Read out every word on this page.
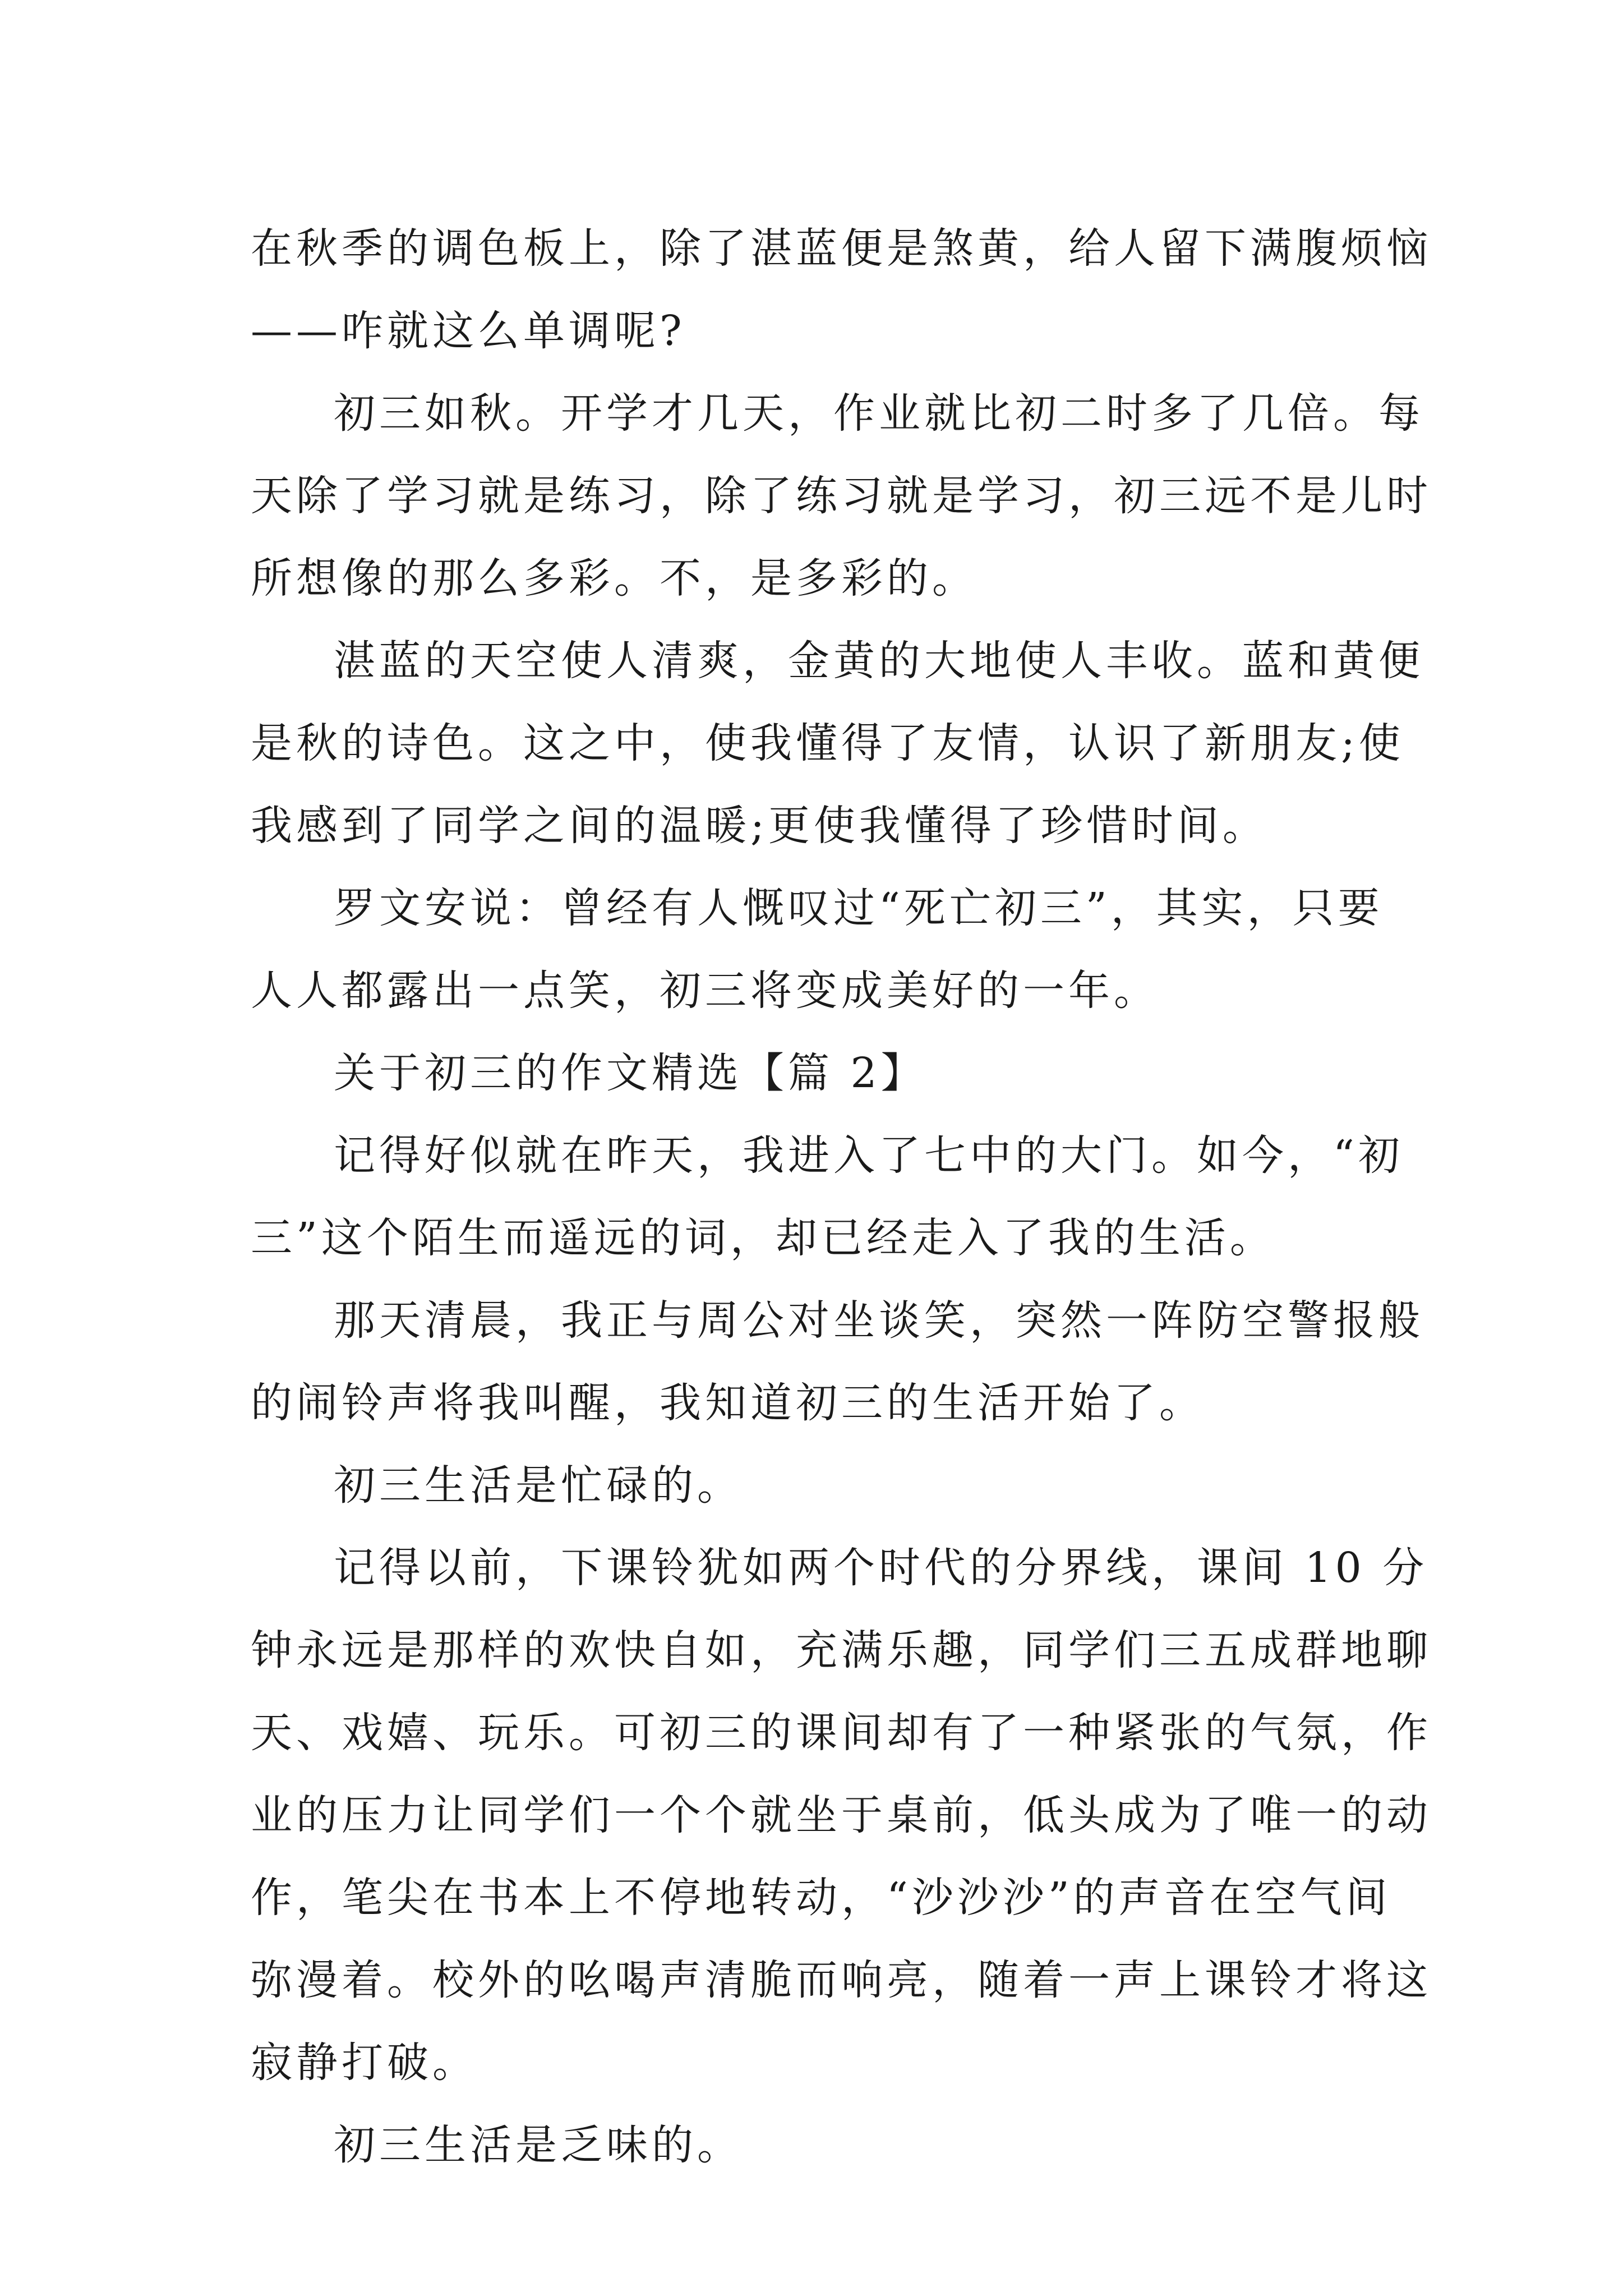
在秋季的调色板上，除了湛蓝便是煞黄，给人留下满腹烦恼
——咋就这么单调呢?
初三如秋。开学才几天，作业就比初二时多了几倍。每
天除了学习就是练习，除了练习就是学习，初三远不是儿时
所想像的那么多彩。不，是多彩的。
湛蓝的天空使人清爽，金黄的大地使人丰收。蓝和黄便
是秋的诗色。这之中，使我懂得了友情，认识了新朋友;使
我感到了同学之间的温暖;更使我懂得了珍惜时间。
罗文安说：曾经有人慨叹过“死亡初三”，其实，只要
人人都露出一点笑，初三将变成美好的一年。
关于初三的作文精选【篇 2】
记得好似就在昨天，我进入了七中的大门。如今，“初
三”这个陌生而遥远的词，却已经走入了我的生活。
那天清晨，我正与周公对坐谈笑，突然一阵防空警报般
的闹铃声将我叫醒，我知道初三的生活开始了。
初三生活是忙碌的。
记得以前，下课铃犹如两个时代的分界线，课间 10 分
钟永远是那样的欢快自如，充满乐趣，同学们三五成群地聊
天、戏嬉、玩乐。可初三的课间却有了一种紧张的气氛，作
业的压力让同学们一个个就坐于桌前，低头成为了唯一的动
作，笔尖在书本上不停地转动，“沙沙沙”的声音在空气间
弥漫着。校外的吆喝声清脆而响亮，随着一声上课铃才将这
寂静打破。
初三生活是乏味的。
